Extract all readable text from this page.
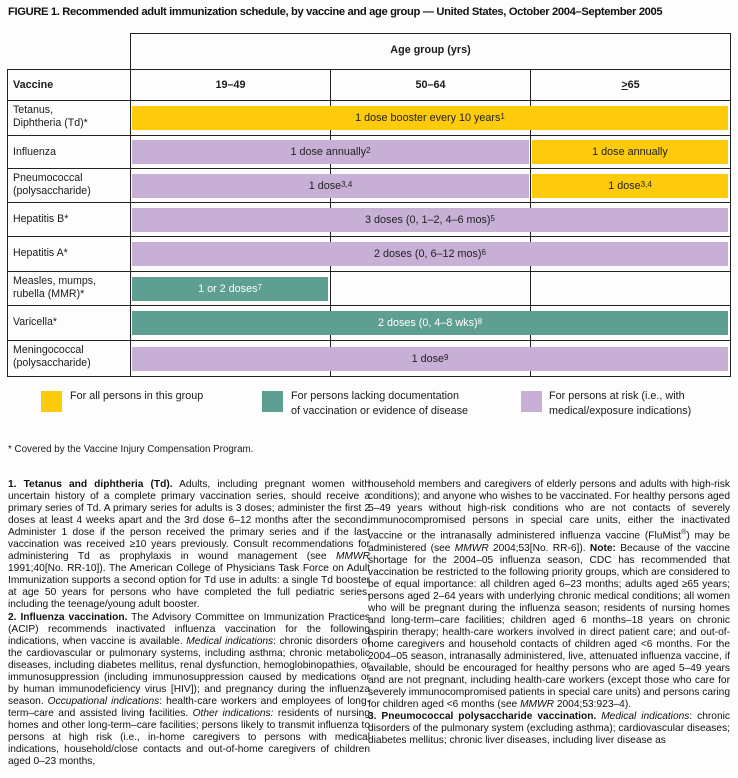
FIGURE 1. Recommended adult immunization schedule, by vaccine and age group — United States, October 2004–September 2005
Age group (yrs)
Vaccine	19–49	50–64	>65
Tetanus,
Diphtheria (Td)*	1 dose booster every 10 years$^1$
Influenza	1 dose annually$^2$	1 dose annually
Pneumococcal
(polysaccharide)	1 dose$^{3,4}$	1 dose$^{3,4}$
Hepatitis B*	3 doses (0, 1–2, 4–6 mos)$^5$
Hepatitis A*	2 doses (0, 6–12 mos)$^6$
Measles, mumps,
rubella (MMR)*	1 or 2 doses$^7$
Varicella*	2 doses (0, 4–8 wks)$^8$
Meningococcal
(polysaccharide)	1 dose$^9$
For all persons in this group	For persons lacking documentation
of vaccination or evidence of disease
For persons at risk (i.e., with
medical/exposure indications)
* Covered by the Vaccine Injury Compensation Program.

1. Tetanus and diphtheria (Td). Adults, including pregnant women with uncertain history of a complete primary vaccination series, should receive a primary series of Td. A primary series for adults is 3 doses; administer the first 2 doses at least 4 weeks apart and the 3rd dose 6–12 months after the second. Administer 1 dose if the person received the primary series and if the last vaccination was received ≥10 years previously. Consult recommendations for administering Td as prophylaxis in wound management (see MMWR 1991;40[No. RR-10]). The American College of Physicians Task Force on Adult Immunization supports a second option for Td use in adults: a single Td booster at age 50 years for persons who have completed the full pediatric series, including the teenage/young adult booster.

2. Influenza vaccination. The Advisory Committee on Immunization Practices (ACIP) recommends inactivated influenza vaccination for the following indications, when vaccine is available. Medical indications: chronic disorders of the cardiovascular or pulmonary systems, including asthma; chronic metabolic diseases, including diabetes mellitus, renal dysfunction, hemoglobinopathies, or immunosuppression (including immunosuppression caused by medications or by human immunodeficiency virus [HIV]); and pregnancy during the influenza season. Occupational indications: health-care workers and employees of long-term–care and assisted living facilities. Other indications: residents of nursing homes and other long-term–care facilities; persons likely to transmit influenza to persons at high risk (i.e., in-home caregivers to persons with medical indications, household/close contacts and out-of-home caregivers of children aged 0–23 months,

household members and caregivers of elderly persons and adults with high-risk conditions); and anyone who wishes to be vaccinated. For healthy persons aged 5–49 years without high-risk conditions who are not contacts of severely immunocompromised persons in special care units, either the inactivated vaccine or the intranasally administered influenza vaccine (FluMist®) may be administered (see MMWR 2004;53[No. RR-6]). Note: Because of the vaccine shortage for the 2004–05 influenza season, CDC has recommended that vaccination be restricted to the following priority groups, which are considered to be of equal importance: all children aged 6–23 months; adults aged ≥65 years; persons aged 2–64 years with underlying chronic medical conditions; all women who will be pregnant during the influenza season; residents of nursing homes and long-term–care facilities; children aged 6 months–18 years on chronic aspirin therapy; health-care workers involved in direct patient care; and out-of-home caregivers and household contacts of children aged <6 months. For the 2004–05 season, intranasally administered, live, attenuated influenza vaccine, if available, should be encouraged for healthy persons who are aged 5–49 years and are not pregnant, including health-care workers (except those who care for severely immunocompromised patients in special care units) and persons caring for children aged <6 months (see MMWR 2004;53:923–4).

3. Pneumococcal polysaccharide vaccination. Medical indications: chronic disorders of the pulmonary system (excluding asthma); cardiovascular diseases; diabetes mellitus; chronic liver diseases, including liver disease as
